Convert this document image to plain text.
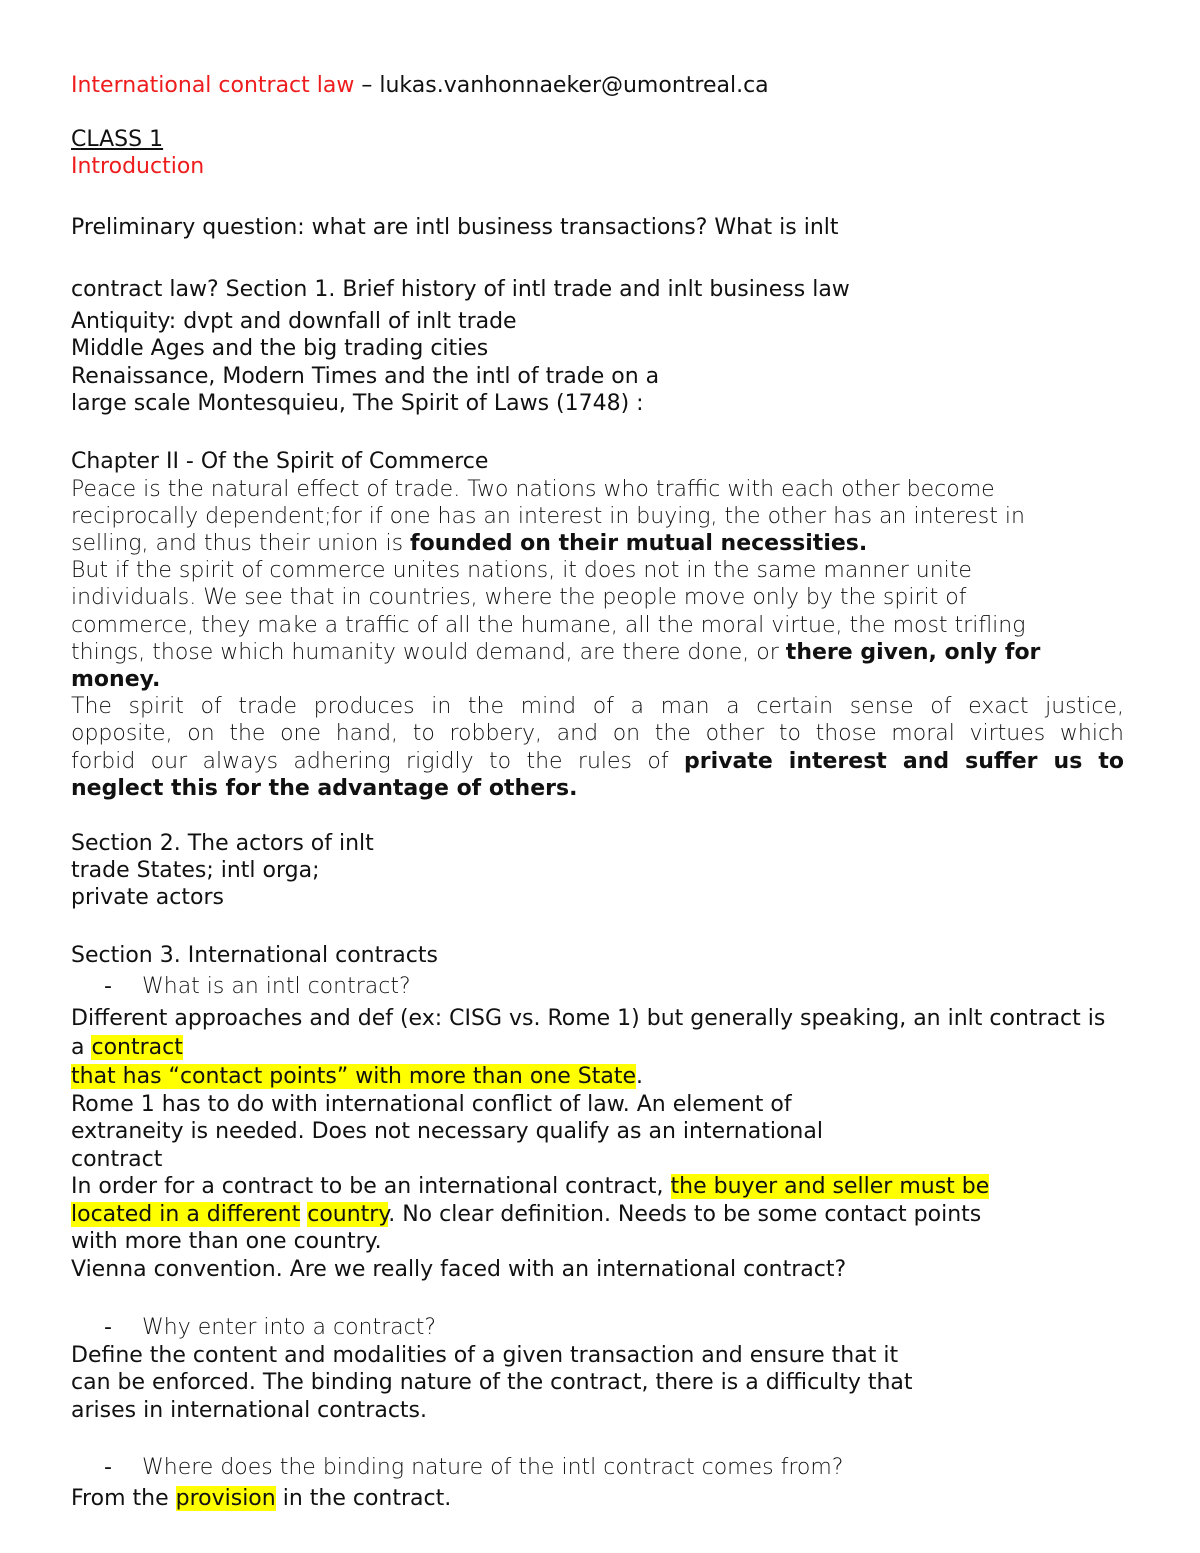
International contract law – lukas.vanhonnaeker@umontreal.ca
CLASS 1
Introduction
Preliminary question: what are intl business transactions? What is inlt
contract law? Section 1. Brief history of intl trade and inlt business law
Antiquity: dvpt and downfall of inlt trade
Middle Ages and the big trading cities
Renaissance, Modern Times and the intl of trade on a
large scale Montesquieu, The Spirit of Laws (1748) :
Chapter II - Of the Spirit of Commerce
Peace is the natural effect of trade. Two nations who traffic with each other become
reciprocally dependent;for if one has an interest in buying, the other has an interest in
selling, and thus their union is founded on their mutual necessities.
But if the spirit of commerce unites nations, it does not in the same manner unite
individuals. We see that in countries, where the people move only by the spirit of
commerce, they make a traffic of all the humane, all the moral virtue, the most trifling
things, those which humanity would demand, are there done, or there given, only for
money.
The spirit of trade produces in the mind of a man a certain sense of exact justice,
opposite, on the one hand, to robbery, and on the other to those moral virtues which
forbid our always adhering rigidly to the rules of private interest and suffer us to
neglect this for the advantage of others.
Section 2. The actors of inlt
trade States; intl orga;
private actors
Section 3. International contracts
- What is an intl contract?
Different approaches and def (ex: CISG vs. Rome 1) but generally speaking, an inlt contract is
a contract
that has “contact points” with more than one State.
Rome 1 has to do with international conflict of law. An element of
extraneity is needed. Does not necessary qualify as an international
contract
In order for a contract to be an international contract, the buyer and seller must be
located in a different country. No clear definition. Needs to be some contact points
with more than one country.
Vienna convention. Are we really faced with an international contract?
- Why enter into a contract?
Define the content and modalities of a given transaction and ensure that it
can be enforced. The binding nature of the contract, there is a difficulty that
arises in international contracts.
- Where does the binding nature of the intl contract comes from?
From the provision in the contract.
